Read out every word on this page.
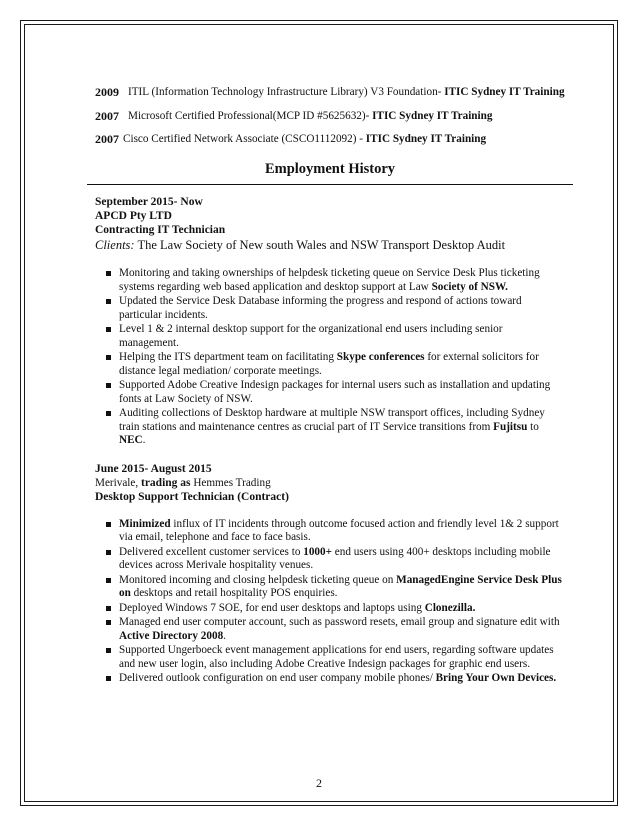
2009 ITIL (Information Technology Infrastructure Library) V3 Foundation- ITIC Sydney IT Training
2007 Microsoft Certified Professional(MCP ID #5625632)- ITIC Sydney IT Training
2007 Cisco Certified Network Associate (CSCO1112092) - ITIC Sydney IT Training
Employment History
September 2015- Now
APCD Pty LTD
Contracting IT Technician
Clients: The Law Society of New south Wales and NSW Transport Desktop Audit
Monitoring and taking ownerships of helpdesk ticketing queue on Service Desk Plus ticketing systems regarding web based application and desktop support at Law Society of NSW.
Updated the Service Desk Database informing the progress and respond of actions toward particular incidents.
Level 1 & 2 internal desktop support for the organizational end users including senior management.
Helping the ITS department team on facilitating Skype conferences for external solicitors for distance legal mediation/ corporate meetings.
Supported Adobe Creative Indesign packages for internal users such as installation and updating fonts at Law Society of NSW.
Auditing collections of Desktop hardware at multiple NSW transport offices, including Sydney train stations and maintenance centres as crucial part of IT Service transitions from Fujitsu to NEC.
June 2015- August 2015
Merivale, trading as Hemmes Trading
Desktop Support Technician (Contract)
Minimized influx of IT incidents through outcome focused action and friendly level 1& 2 support via email, telephone and face to face basis.
Delivered excellent customer services to 1000+ end users using 400+ desktops including mobile devices across Merivale hospitality venues.
Monitored incoming and closing helpdesk ticketing queue on ManagedEngine Service Desk Plus on desktops and retail hospitality POS enquiries.
Deployed Windows 7 SOE, for end user desktops and laptops using Clonezilla.
Managed end user computer account, such as password resets, email group and signature edit with Active Directory 2008.
Supported Ungerboeck event management applications for end users, regarding software updates and new user login, also including Adobe Creative Indesign packages for graphic end users.
Delivered outlook configuration on end user company mobile phones/ Bring Your Own Devices.
2
